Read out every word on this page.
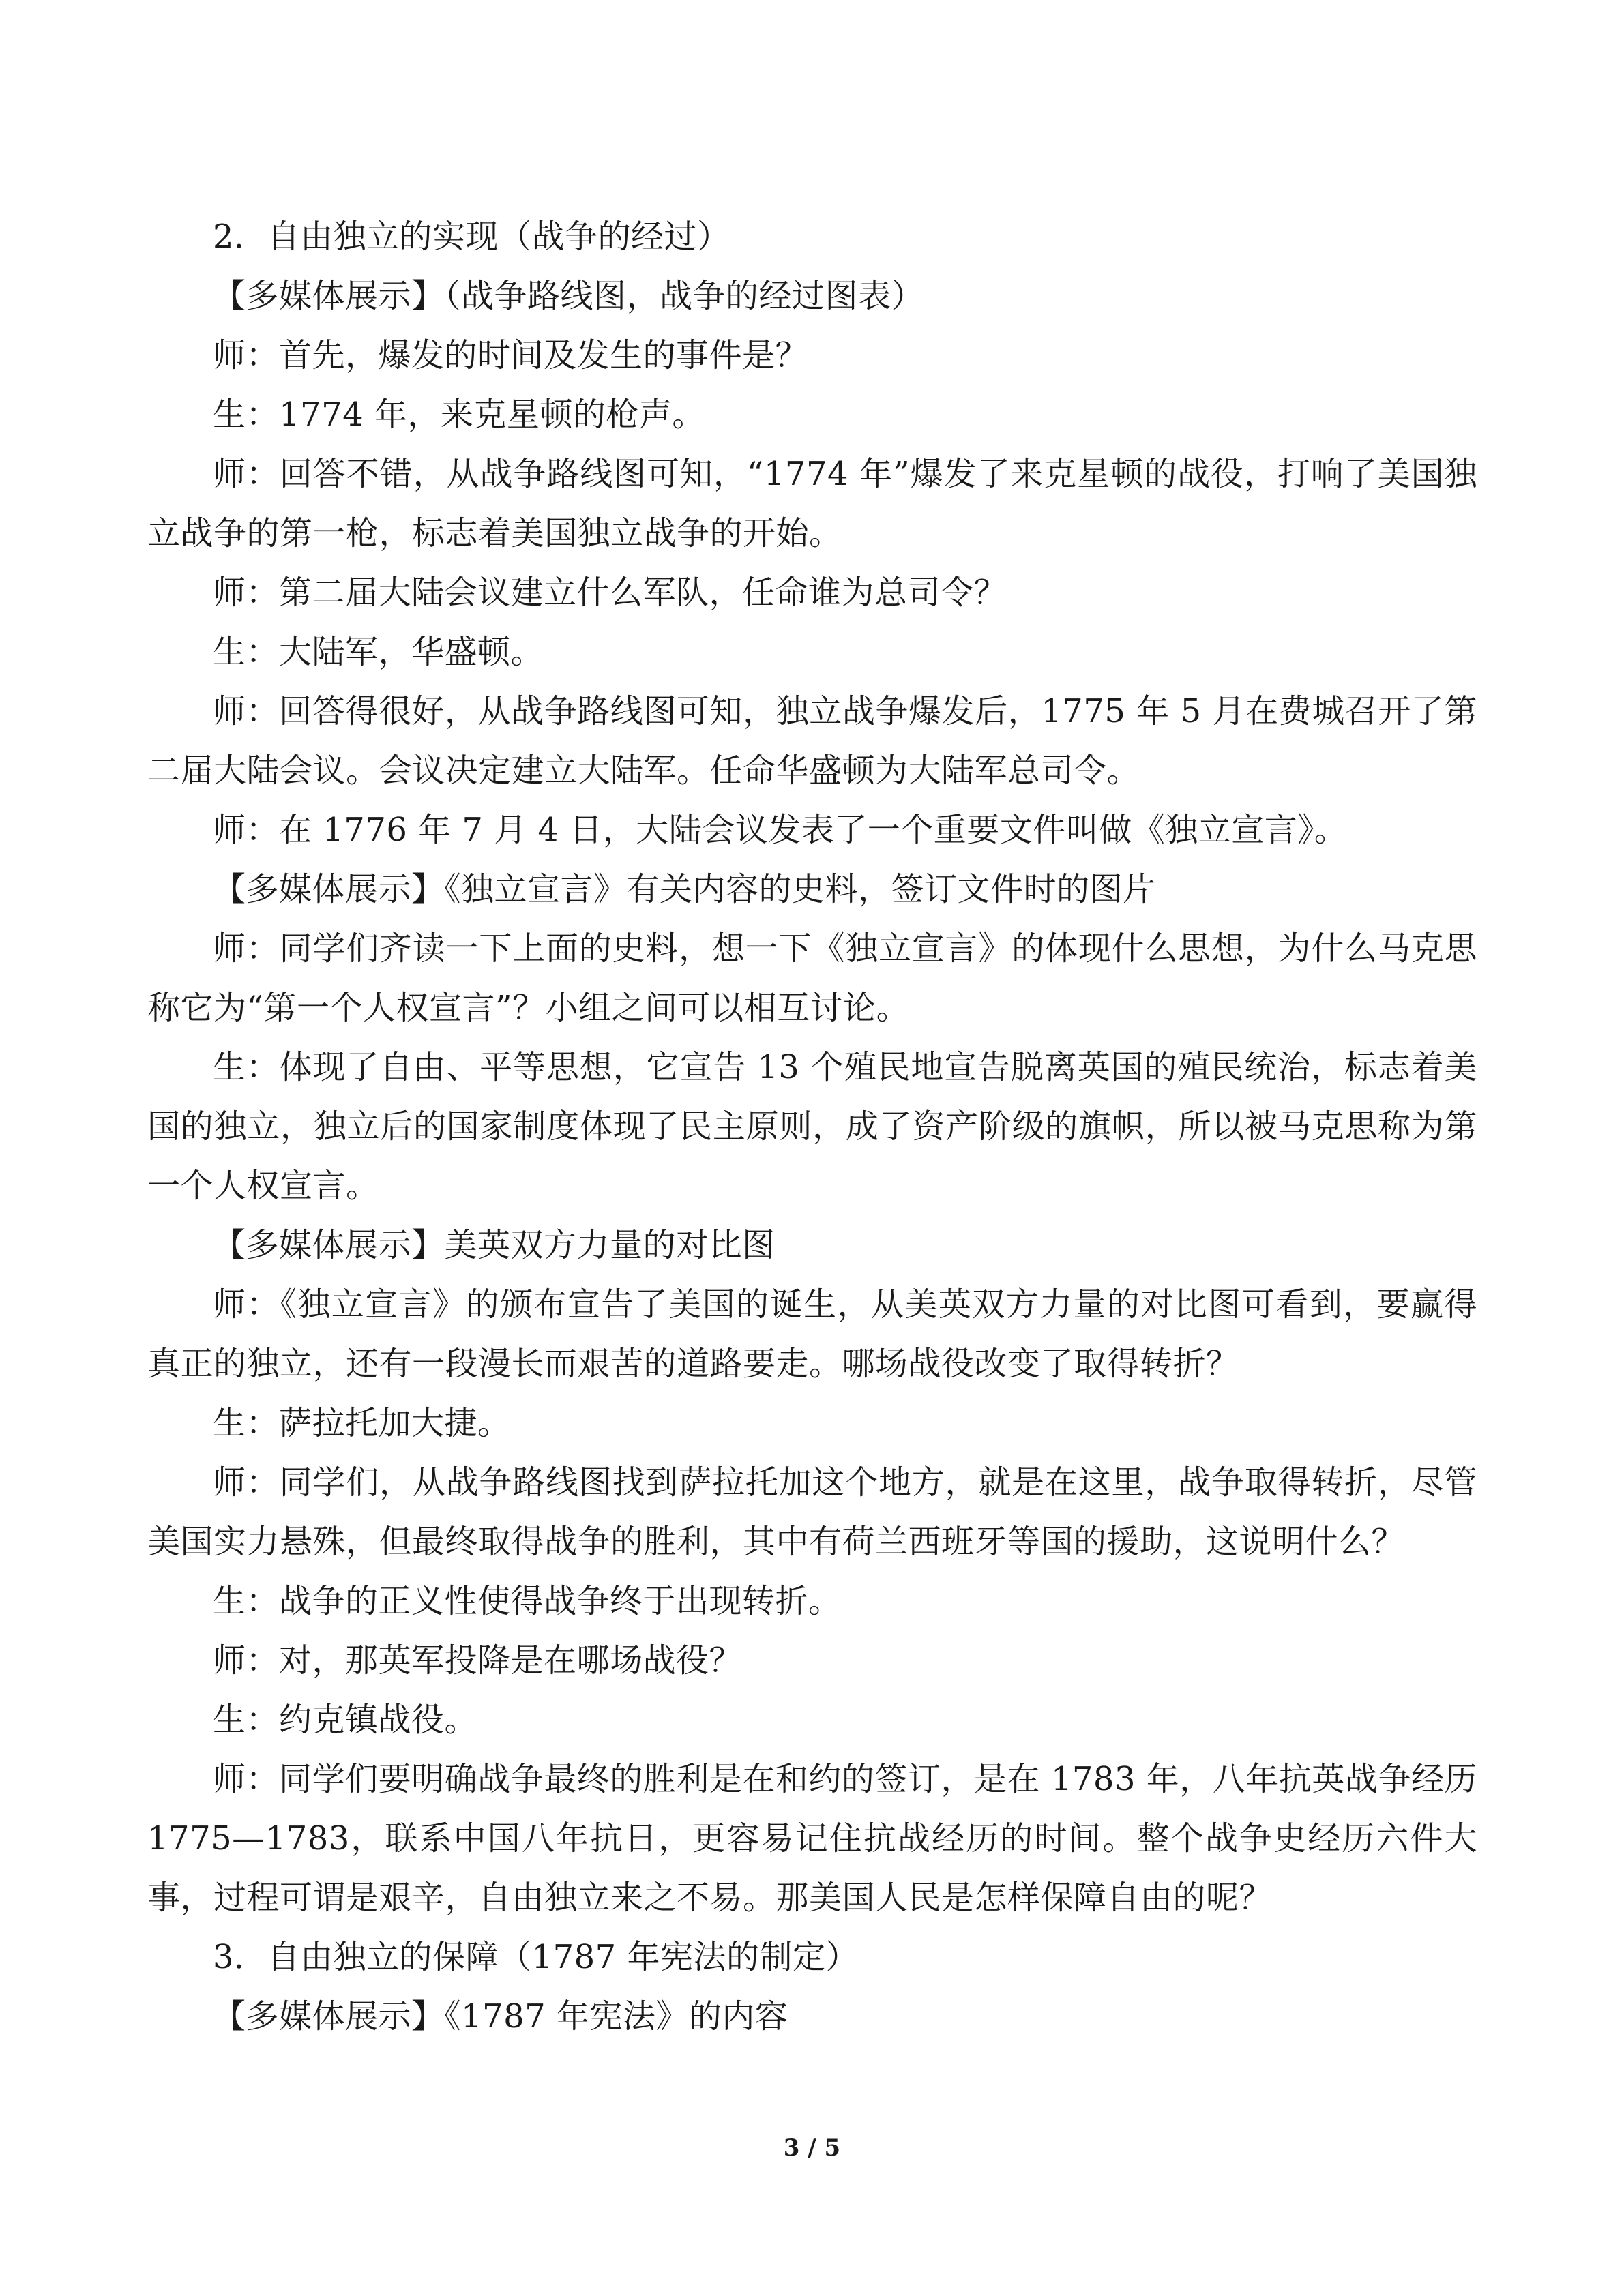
2．自由独立的实现（战争的经过）

【多媒体展示】（战争路线图，战争的经过图表）

师：首先，爆发的时间及发生的事件是？

生：1774 年，来克星顿的枪声。

师：回答不错，从战争路线图可知，“1774 年”爆发了来克星顿的战役，打响了美国独立战争的第一枪，标志着美国独立战争的开始。

师：第二届大陆会议建立什么军队，任命谁为总司令？

生：大陆军，华盛顿。

师：回答得很好，从战争路线图可知，独立战争爆发后，1775 年 5 月在费城召开了第二届大陆会议。会议决定建立大陆军。任命华盛顿为大陆军总司令。

师：在 1776 年 7 月 4 日，大陆会议发表了一个重要文件叫做《独立宣言》。

【多媒体展示】《独立宣言》有关内容的史料，签订文件时的图片

师：同学们齐读一下上面的史料，想一下《独立宣言》的体现什么思想，为什么马克思称它为“第一个人权宣言”？小组之间可以相互讨论。

生：体现了自由、平等思想，它宣告 13 个殖民地宣告脱离英国的殖民统治，标志着美国的独立，独立后的国家制度体现了民主原则，成了资产阶级的旗帜，所以被马克思称为第一个人权宣言。

【多媒体展示】美英双方力量的对比图

师：《独立宣言》的颁布宣告了美国的诞生，从美英双方力量的对比图可看到，要赢得真正的独立，还有一段漫长而艰苦的道路要走。哪场战役改变了取得转折？

生：萨拉托加大捷。

师：同学们，从战争路线图找到萨拉托加这个地方，就是在这里，战争取得转折，尽管美国实力悬殊，但最终取得战争的胜利，其中有荷兰西班牙等国的援助，这说明什么？

生：战争的正义性使得战争终于出现转折。

师：对，那英军投降是在哪场战役？

生：约克镇战役。

师：同学们要明确战争最终的胜利是在和约的签订，是在 1783 年，八年抗英战争经历1775—1783，联系中国八年抗日，更容易记住抗战经历的时间。整个战争史经历六件大事，过程可谓是艰辛，自由独立来之不易。那美国人民是怎样保障自由的呢？

3．自由独立的保障（1787 年宪法的制定）

【多媒体展示】《1787 年宪法》的内容

3 / 5
